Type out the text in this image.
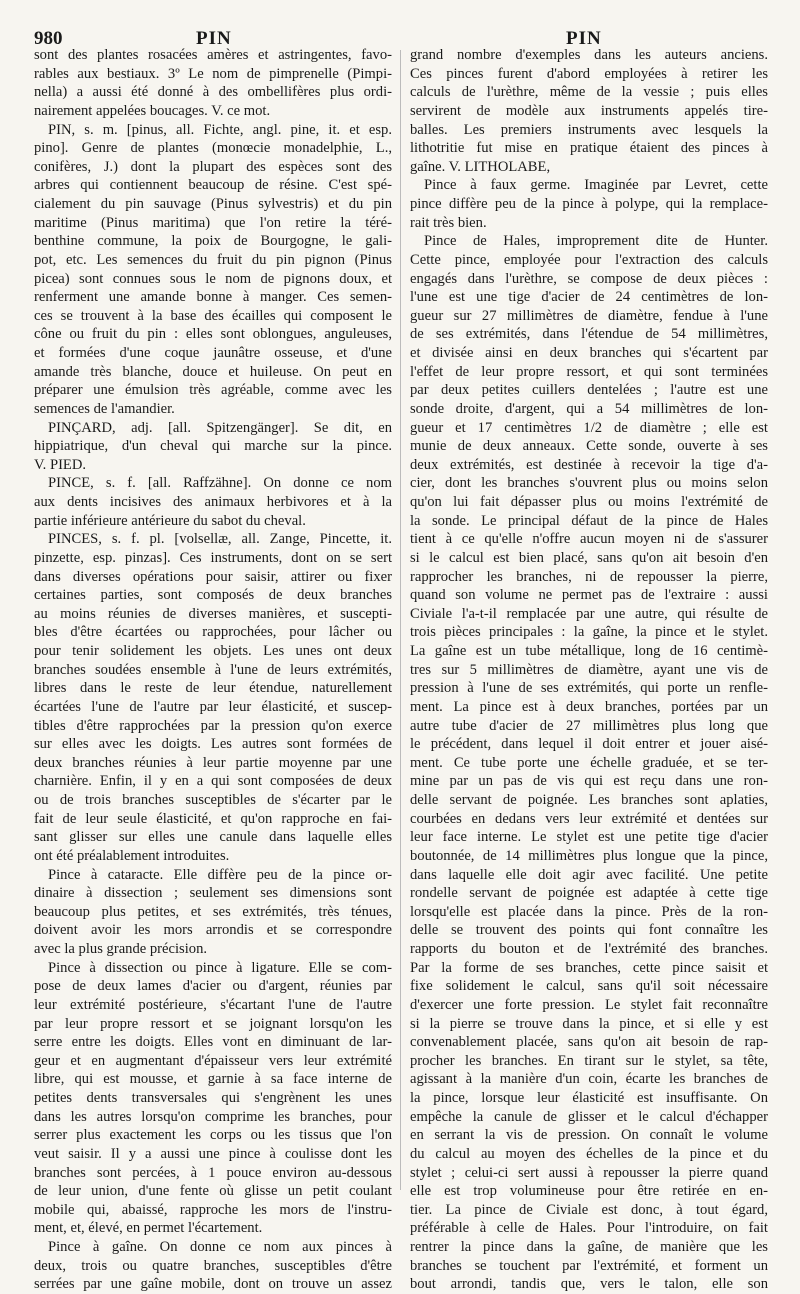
980	PIN	PIN
sont des plantes rosacées amères et astringentes, favo-
rables aux bestiaux. 3º Le nom de pimprenelle (Pimpi-
nella) a aussi été donné à des ombellifères plus ordi-
nairement appelées boucages. V. ce mot.
PIN, s. m. [pinus, all. Fichte, angl. pine, it. et esp.
pino]. Genre de plantes (monœcie monadelphie, L.,
conifères, J.) dont la plupart des espèces sont des
arbres qui contiennent beaucoup de résine. C'est spé-
cialement du pin sauvage (Pinus sylvestris) et du pin
maritime (Pinus maritima) que l'on retire la téré-
benthine commune, la poix de Bourgogne, le gali-
pot, etc. Les semences du fruit du pin pignon (Pinus
picea) sont connues sous le nom de pignons doux, et
renferment une amande bonne à manger. Ces semen-
ces se trouvent à la base des écailles qui composent le
cône ou fruit du pin : elles sont oblongues, anguleuses,
et formées d'une coque jaunâtre osseuse, et d'une
amande très blanche, douce et huileuse. On peut en
préparer une émulsion très agréable, comme avec les
semences de l'amandier.
PINÇARD, adj. [all. Spitzengänger]. Se dit, en
hippiatrique, d'un cheval qui marche sur la pince.
V. PIED.
PINCE, s. f. [all. Raffzähne]. On donne ce nom
aux dents incisives des animaux herbivores et à la
partie inférieure antérieure du sabot du cheval.
PINCES, s. f. pl. [volsellæ, all. Zange, Pincette, it.
pinzette, esp. pinzas]. Ces instruments, dont on se sert
dans diverses opérations pour saisir, attirer ou fixer
certaines parties, sont composés de deux branches
au moins réunies de diverses manières, et suscepti-
bles d'être écartées ou rapprochées, pour lâcher ou
pour tenir solidement les objets. Les unes ont deux
branches soudées ensemble à l'une de leurs extrémités,
libres dans le reste de leur étendue, naturellement
écartées l'une de l'autre par leur élasticité, et suscep-
tibles d'être rapprochées par la pression qu'on exerce
sur elles avec les doigts. Les autres sont formées de
deux branches réunies à leur partie moyenne par une
charnière. Enfin, il y en a qui sont composées de deux
ou de trois branches susceptibles de s'écarter par le
fait de leur seule élasticité, et qu'on rapproche en fai-
sant glisser sur elles une canule dans laquelle elles
ont été préalablement introduites.
Pince à cataracte. Elle diffère peu de la pince or-
dinaire à dissection ; seulement ses dimensions sont
beaucoup plus petites, et ses extrémités, très ténues,
doivent avoir les mors arrondis et se correspondre
avec la plus grande précision.
Pince à dissection ou pince à ligature. Elle se com-
pose de deux lames d'acier ou d'argent, réunies par
leur extrémité postérieure, s'écartant l'une de l'autre
par leur propre ressort et se joignant lorsqu'on les
serre entre les doigts. Elles vont en diminuant de lar-
geur et en augmentant d'épaisseur vers leur extrémité
libre, qui est mousse, et garnie à sa face interne de
petites dents transversales qui s'engrènent les unes
dans les autres lorsqu'on comprime les branches, pour
serrer plus exactement les corps ou les tissus que l'on
veut saisir. Il y a aussi une pince à coulisse dont les
branches sont percées, à 1 pouce environ au-dessous
de leur union, d'une fente où glisse un petit coulant
mobile qui, abaissé, rapproche les mors de l'instru-
ment, et, élevé, en permet l'écartement.
Pince à gaîne. On donne ce nom aux pinces à
deux, trois ou quatre branches, susceptibles d'être
serrées par une gaîne mobile, dont on trouve un assez
grand nombre d'exemples dans les auteurs anciens.
Ces pinces furent d'abord employées à retirer les
calculs de l'urèthre, même de la vessie ; puis elles
servirent de modèle aux instruments appelés tire-
balles. Les premiers instruments avec lesquels la
lithotritie fut mise en pratique étaient des pinces à
gaîne. V. LITHOLABE,
Pince à faux germe. Imaginée par Levret, cette
pince diffère peu de la pince à polype, qui la remplace-
rait très bien.
Pince de Hales, improprement dite de Hunter.
Cette pince, employée pour l'extraction des calculs
engagés dans l'urèthre, se compose de deux pièces :
l'une est une tige d'acier de 24 centimètres de lon-
gueur sur 27 millimètres de diamètre, fendue à l'une
de ses extrémités, dans l'étendue de 54 millimètres,
et divisée ainsi en deux branches qui s'écartent par
l'effet de leur propre ressort, et qui sont terminées
par deux petites cuillers dentelées ; l'autre est une
sonde droite, d'argent, qui a 54 millimètres de lon-
gueur et 17 centimètres 1/2 de diamètre ; elle est
munie de deux anneaux. Cette sonde, ouverte à ses
deux extrémités, est destinée à recevoir la tige d'a-
cier, dont les branches s'ouvrent plus ou moins selon
qu'on lui fait dépasser plus ou moins l'extrémité de
la sonde. Le principal défaut de la pince de Hales
tient à ce qu'elle n'offre aucun moyen ni de s'assurer
si le calcul est bien placé, sans qu'on ait besoin d'en
rapprocher les branches, ni de repousser la pierre,
quand son volume ne permet pas de l'extraire : aussi
Civiale l'a-t-il remplacée par une autre, qui résulte de
trois pièces principales : la gaîne, la pince et le stylet.
La gaîne est un tube métallique, long de 16 centimè-
tres sur 5 millimètres de diamètre, ayant une vis de
pression à l'une de ses extrémités, qui porte un renfle-
ment. La pince est à deux branches, portées par un
autre tube d'acier de 27 millimètres plus long que
le précédent, dans lequel il doit entrer et jouer aisé-
ment. Ce tube porte une échelle graduée, et se ter-
mine par un pas de vis qui est reçu dans une ron-
delle servant de poignée. Les branches sont aplaties,
courbées en dedans vers leur extrémité et dentées sur
leur face interne. Le stylet est une petite tige d'acier
boutonnée, de 14 millimètres plus longue que la pince,
dans laquelle elle doit agir avec facilité. Une petite
rondelle servant de poignée est adaptée à cette tige
lorsqu'elle est placée dans la pince. Près de la ron-
delle se trouvent des points qui font connaître les
rapports du bouton et de l'extrémité des branches.
Par la forme de ses branches, cette pince saisit et
fixe solidement le calcul, sans qu'il soit nécessaire
d'exercer une forte pression. Le stylet fait reconnaître
si la pierre se trouve dans la pince, et si elle y est
convenablement placée, sans qu'on ait besoin de rap-
procher les branches. En tirant sur le stylet, sa tête,
agissant à la manière d'un coin, écarte les branches de
la pince, lorsque leur élasticité est insuffisante. On
empêche la canule de glisser et le calcul d'échapper
en serrant la vis de pression. On connaît le volume
du calcul au moyen des échelles de la pince et du
stylet ; celui-ci sert aussi à repousser la pierre quand
elle est trop volumineuse pour être retirée en en-
tier. La pince de Civiale est donc, à tout égard,
préférable à celle de Hales. Pour l'introduire, on fait
rentrer la pince dans la gaîne, de manière que les
branches se touchent par l'extrémité, et forment un
bout arrondi, tandis que, vers le talon, elle son
